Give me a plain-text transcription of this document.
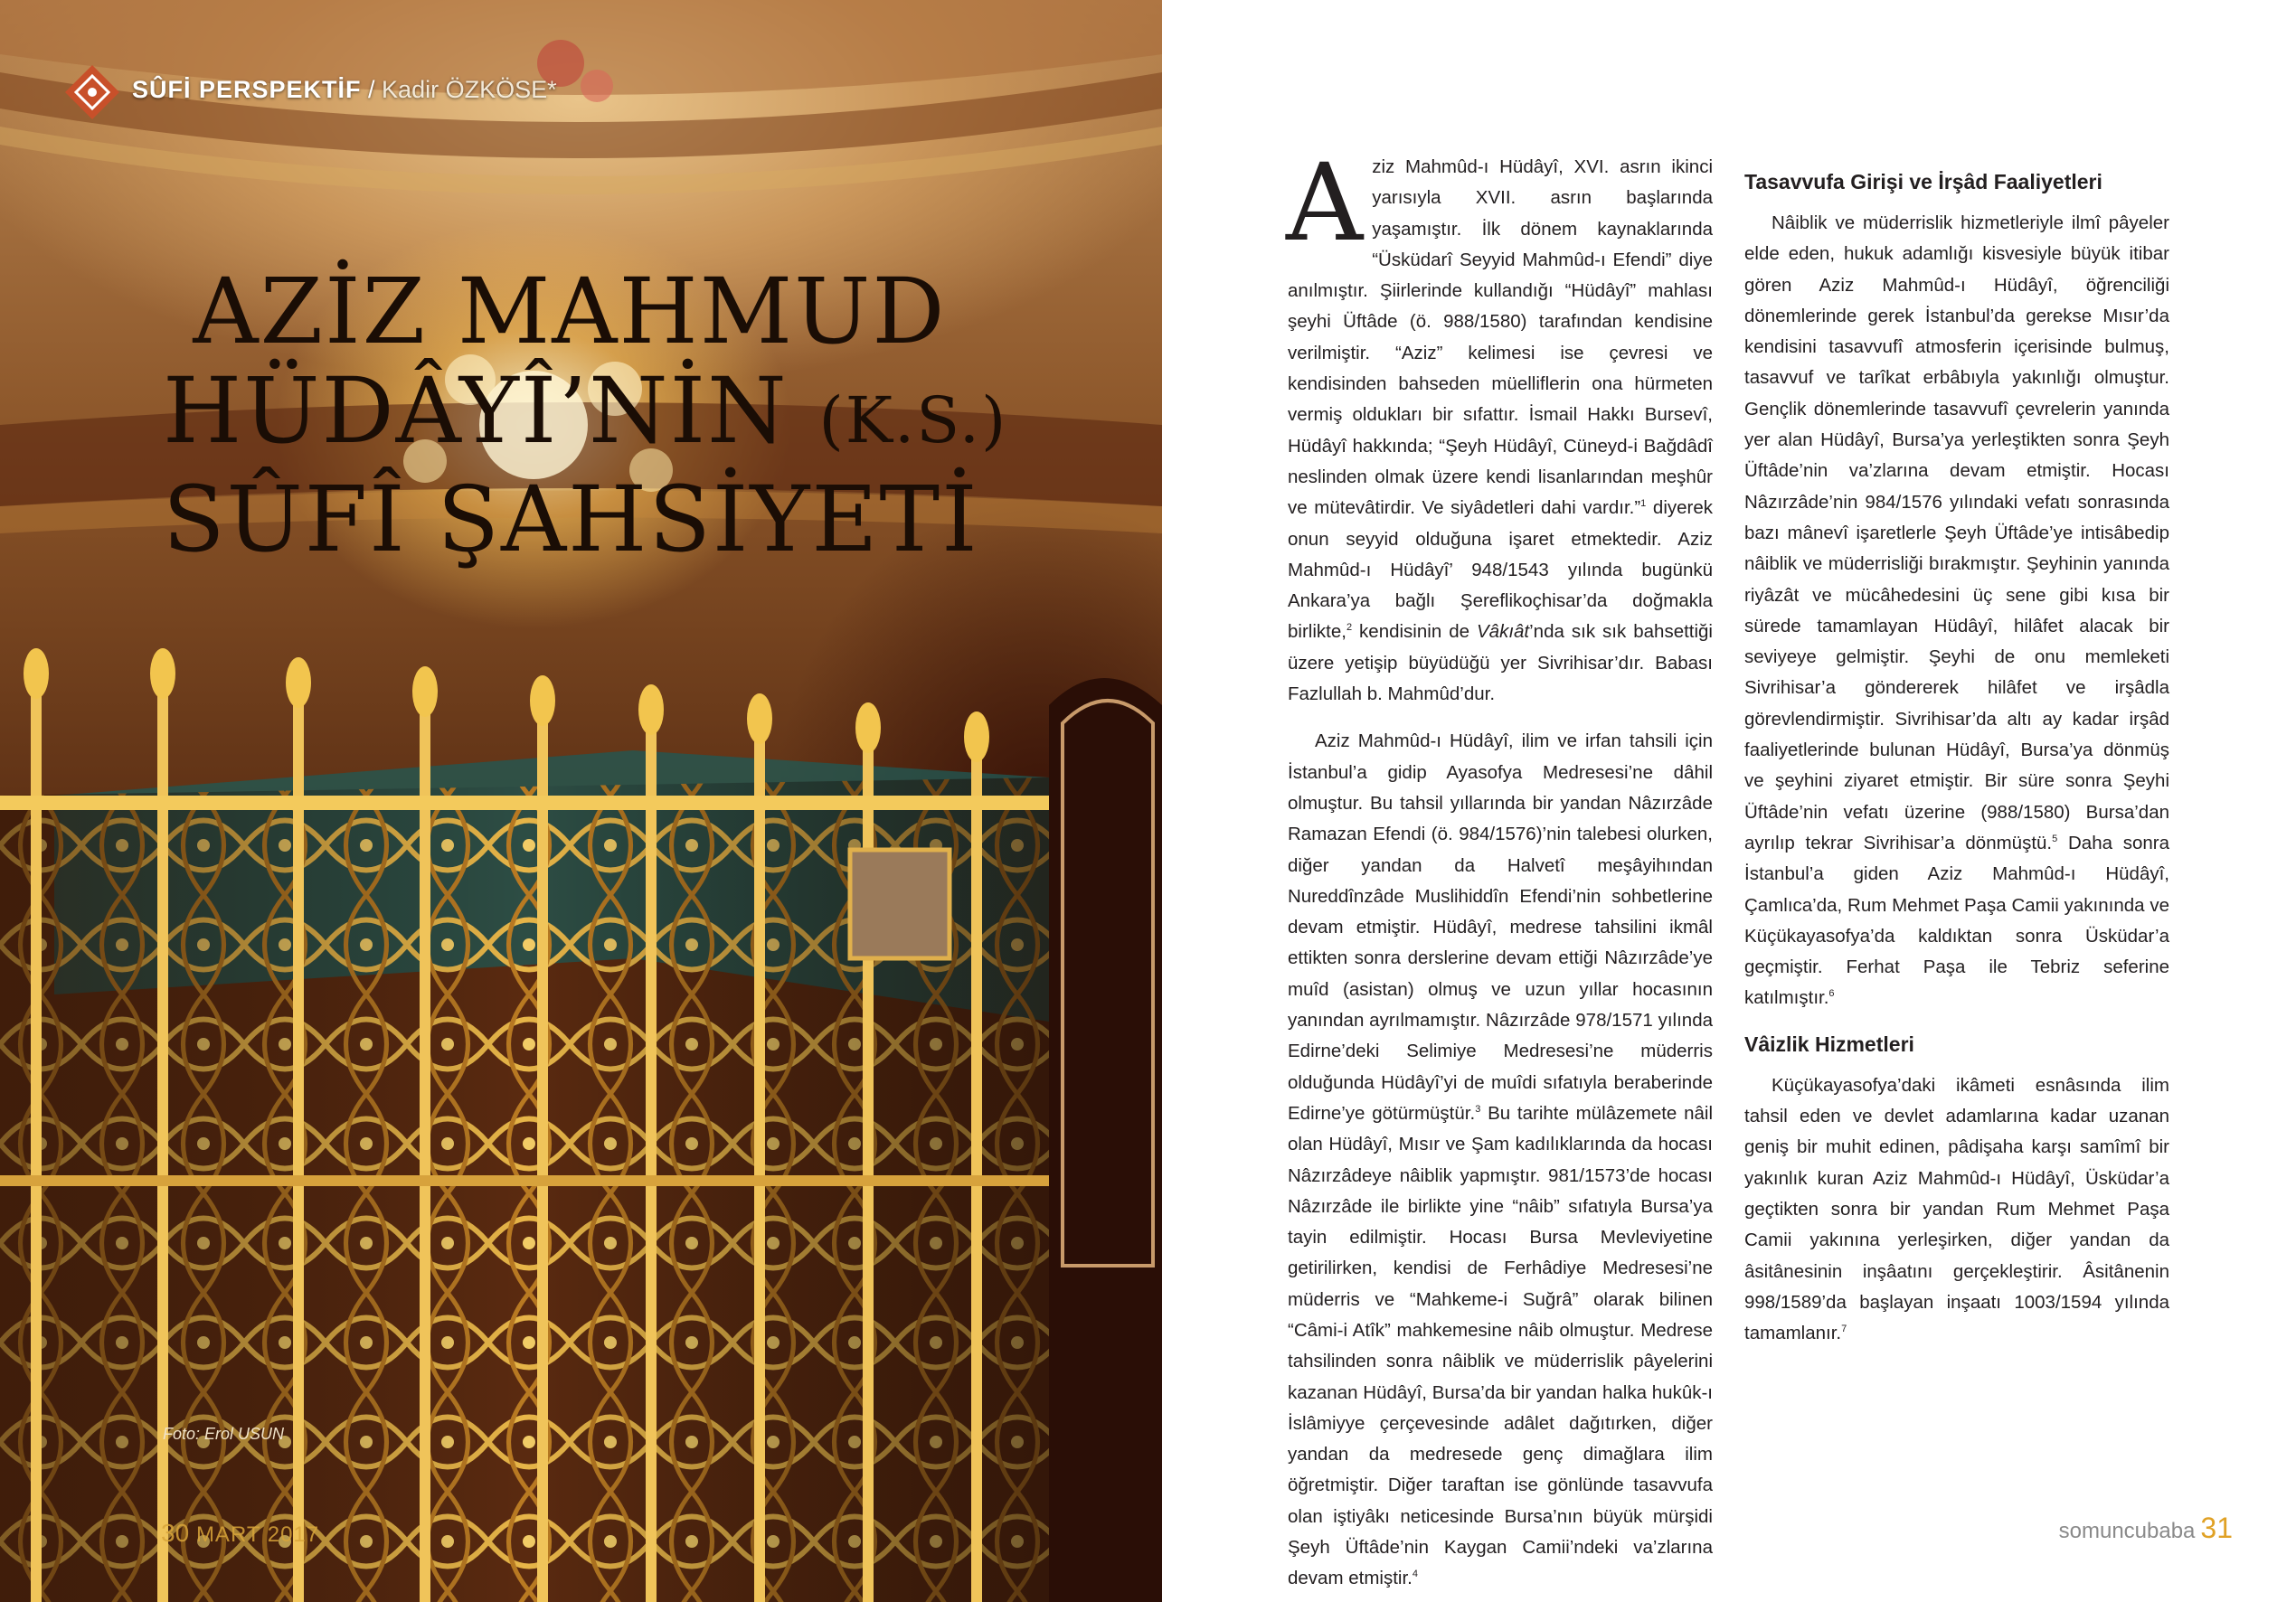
SÛFİ PERSPEKTİF / Kadir ÖZKÖSE*
AZİZ MAHMUD
HÜDÂYÎ’NİN (K.S.)
SÛFÎ ŞAHSİYETİ
Foto: Erol USUN
30 MART 2017

Aziz Mahmûd-ı Hüdâyî, XVI. asrın ikinci yarısıyla XVII. asrın başlarında yaşamıştır. İlk dönem kaynaklarında “Üsküdarî Seyyid Mahmûd-ı Efendi” diye anılmıştır. Şiirlerinde kullandığı “Hüdâyî” mahlası şeyhi Üftâde (ö. 988/1580) tarafından kendisine verilmiştir. “Aziz” kelimesi ise çevresi ve kendisinden bahseden müelliflerin ona hürmeten vermiş oldukları bir sıfattır. İsmail Hakkı Bursevî, Hüdâyî hakkında; “Şeyh Hüdâyî, Cüneyd-i Bağdâdî neslinden olmak üzere kendi lisanlarından meşhûr ve mütevâtirdir. Ve siyâdetleri dahi vardır.”$^1$ diyerek onun seyyid olduğuna işaret etmektedir. Aziz Mahmûd-ı Hüdâyî’ 948/1543 yılında bugünkü Ankara’ya bağlı Şereflikoçhisar’da doğmakla birlikte,$^2$ kendisinin de Vâkıât’nda sık sık bahsettiği üzere yetişip büyüdüğü yer Sivrihisar’dır. Babası Fazlullah b. Mahmûd’dur.

Aziz Mahmûd-ı Hüdâyî, ilim ve irfan tahsili için İstanbul’a gidip Ayasofya Medresesi’ne dâhil olmuştur. Bu tahsil yıllarında bir yandan Nâzırzâde Ramazan Efendi (ö. 984/1576)’nin talebesi olurken, diğer yandan da Halvetî meşâyihından Nureddînzâde Muslihiddîn Efendi’nin sohbetlerine devam etmiştir. Hüdâyî, medrese tahsilini ikmâl ettikten sonra derslerine devam ettiği Nâzırzâde’ye muîd (asistan) olmuş ve uzun yıllar hocasının yanından ayrılmamıştır. Nâzırzâde 978/1571 yılında Edirne’deki Selimiye Medresesi’ne müderris olduğunda Hüdâyî’yi de muîdi sıfatıyla beraberinde Edirne’ye götürmüştür.$^3$ Bu tarihte mülâzemete nâil olan Hüdâyî, Mısır ve Şam kadılıklarında da hocası Nâzırzâdeye nâiblik yapmıştır. 981/1573’de hocası Nâzırzâde ile birlikte yine “nâib” sıfatıyla Bursa’ya tayin edilmiştir. Hocası Bursa Mevleviyetine getirilirken, kendisi de Ferhâdiye Medresesi’ne müderris ve “Mahkeme-i Suğrâ” olarak bilinen “Câmi-i Atîk” mahkemesine nâib olmuştur. Medrese tahsilinden sonra nâiblik ve müderrislik pâyelerini kazanan Hüdâyî, Bursa’da bir yandan halka hukûk-ı İslâmiyye çerçevesinde adâlet dağıtırken, diğer yandan da medresede genç dimağlara ilim öğretmiştir. Diğer taraftan ise gönlünde tasavvufa olan iştiyâkı neticesinde Bursa’nın büyük mürşidi Şeyh Üftâde’nin Kaygan Camii’ndeki va’zlarına devam etmiştir.$^4$

Tasavvufa Girişi ve İrşâd Faaliyetleri

Nâiblik ve müderrislik hizmetleriyle ilmî pâyeler elde eden, hukuk adamlığı kisvesiyle büyük itibar gören Aziz Mahmûd-ı Hüdâyî, öğrenciliği dönemlerinde gerek İstanbul’da gerekse Mısır’da kendisini tasavvufî atmosferin içerisinde bulmuş, tasavvuf ve tarîkat erbâbıyla yakınlığı olmuştur. Gençlik dönemlerinde tasavvufî çevrelerin yanında yer alan Hüdâyî, Bursa’ya yerleştikten sonra Şeyh Üftâde’nin va’zlarına devam etmiştir. Hocası Nâzırzâde’nin 984/1576 yılındaki vefatı sonrasında bazı mânevî işaretlerle Şeyh Üftâde’ye intisâbedip nâiblik ve müderrisliği bırakmıştır. Şeyhinin yanında riyâzât ve mücâhedesini üç sene gibi kısa bir sürede tamamlayan Hüdâyî, hilâfet alacak bir seviyeye gelmiştir. Şeyhi de onu memleketi Sivrihisar’a göndererek hilâfet ve irşâdla görevlendirmiştir. Sivrihisar’da altı ay kadar irşâd faaliyetlerinde bulunan Hüdâyî, Bursa’ya dönmüş ve şeyhini ziyaret etmiştir. Bir süre sonra Şeyhi Üftâde’nin vefatı üzerine (988/1580) Bursa’dan ayrılıp tekrar Sivrihisar’a dönmüştü.$^5$ Daha sonra İstanbul’a giden Aziz Mahmûd-ı Hüdâyî, Çamlıca’da, Rum Mehmet Paşa Camii yakınında ve Küçükayasofya’da kaldıktan sonra Üsküdar’a geçmiştir. Ferhat Paşa ile Tebriz seferine katılmıştır.$^6$

Vâizlik Hizmetleri

Küçükayasofya’daki ikâmeti esnâsında ilim tahsil eden ve devlet adamlarına kadar uzanan geniş bir muhit edinen, pâdişaha karşı samîmî bir yakınlık kuran Aziz Mahmûd-ı Hüdâyî, Üsküdar’a geçtikten sonra bir yandan Rum Mehmet Paşa Camii yakınına yerleşirken, diğer yandan da âsitânesinin inşâatını gerçekleştirir. Âsitânenin 998/1589’da başlayan inşaatı 1003/1594 yılında tamamlanır.$^7$

somuncubaba 31
